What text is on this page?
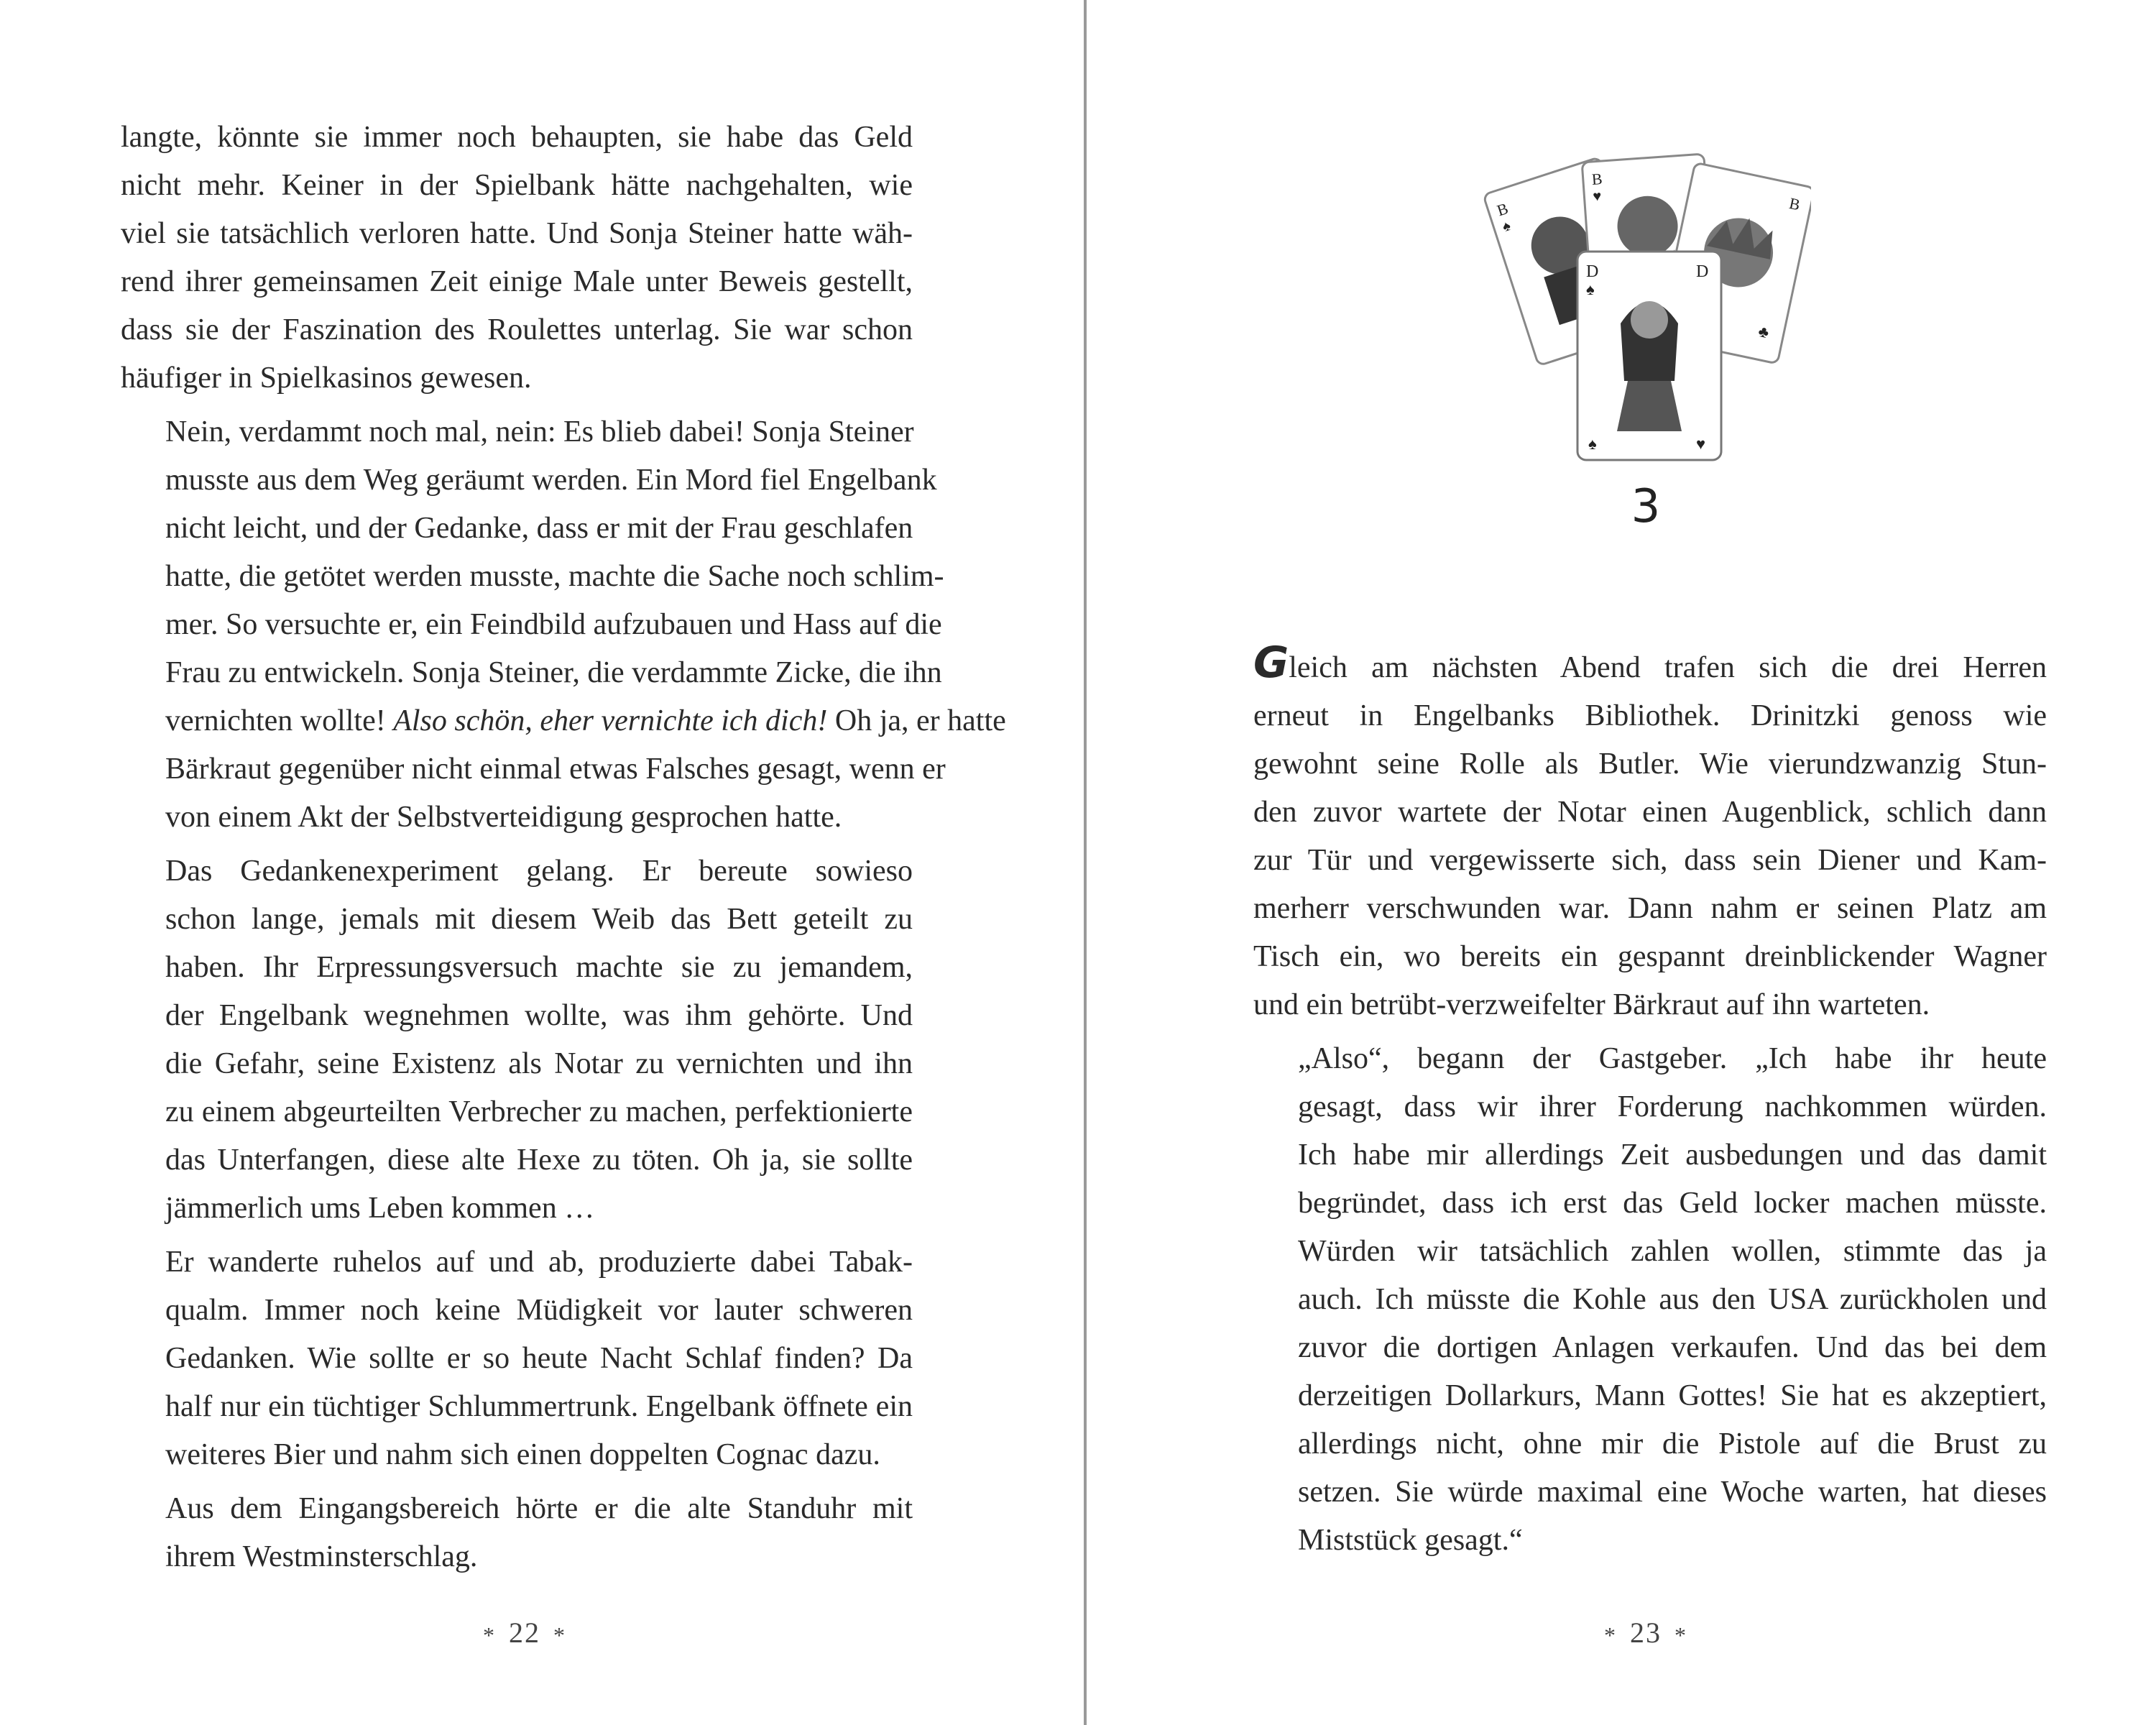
langte, könnte sie immer noch behaupten, sie habe das Geld
nicht mehr. Keiner in der Spielbank hätte nachgehalten, wie
viel sie tatsächlich verloren hatte. Und Sonja Steiner hatte wäh-
rend ihrer gemeinsamen Zeit einige Male unter Beweis gestellt,
dass sie der Faszination des Roulettes unterlag. Sie war schon
häufiger in Spielkasinos gewesen.

Nein, verdammt noch mal, nein: Es blieb dabei! Sonja Steiner
musste aus dem Weg geräumt werden. Ein Mord fiel Engelbank
nicht leicht, und der Gedanke, dass er mit der Frau geschlafen
hatte, die getötet werden musste, machte die Sache noch schlim-
mer. So versuchte er, ein Feindbild aufzubauen und Hass auf die
Frau zu entwickeln. Sonja Steiner, die verdammte Zicke, die ihn
vernichten wollte! Also schön, eher vernichte ich dich! Oh ja, er hatte
Bärkraut gegenüber nicht einmal etwas Falsches gesagt, wenn er
von einem Akt der Selbstverteidigung gesprochen hatte.

Das Gedankenexperiment gelang. Er bereute sowieso
schon lange, jemals mit diesem Weib das Bett geteilt zu
haben. Ihr Erpressungsversuch machte sie zu jemandem,
der Engelbank wegnehmen wollte, was ihm gehörte. Und
die Gefahr, seine Existenz als Notar zu vernichten und ihn
zu einem abgeurteilten Verbrecher zu machen, perfektionierte
das Unterfangen, diese alte Hexe zu töten. Oh ja, sie sollte
jämmerlich ums Leben kommen …

Er wanderte ruhelos auf und ab, produzierte dabei Tabak-
qualm. Immer noch keine Müdigkeit vor lauter schweren
Gedanken. Wie sollte er so heute Nacht Schlaf finden? Da
half nur ein tüchtiger Schlummertrunk. Engelbank öffnete ein
weiteres Bier und nahm sich einen doppelten Cognac dazu.

Aus dem Eingangsbereich hörte er die alte Standuhr mit
ihrem Westminsterschlag.

* 22 *
B
♠
B
♥	B
♣
D
♠
D
♥
♠
3

Gleich am nächsten Abend trafen sich die drei Herren
erneut in Engelbanks Bibliothek. Drinitzki genoss wie
gewohnt seine Rolle als Butler. Wie vierundzwanzig Stun-
den zuvor wartete der Notar einen Augenblick, schlich dann
zur Tür und vergewisserte sich, dass sein Diener und Kam-
merherr verschwunden war. Dann nahm er seinen Platz am
Tisch ein, wo bereits ein gespannt dreinblickender Wagner
und ein betrübt-verzweifelter Bärkraut auf ihn warteten.

„Also“, begann der Gastgeber. „Ich habe ihr heute
gesagt, dass wir ihrer Forderung nachkommen würden.
Ich habe mir allerdings Zeit ausbedungen und das damit
begründet, dass ich erst das Geld locker machen müsste.
Würden wir tatsächlich zahlen wollen, stimmte das ja
auch. Ich müsste die Kohle aus den USA zurückholen und
zuvor die dortigen Anlagen verkaufen. Und das bei dem
derzeitigen Dollarkurs, Mann Gottes! Sie hat es akzeptiert,
allerdings nicht, ohne mir die Pistole auf die Brust zu
setzen. Sie würde maximal eine Woche warten, hat dieses
Miststück gesagt.“

* 23 *
